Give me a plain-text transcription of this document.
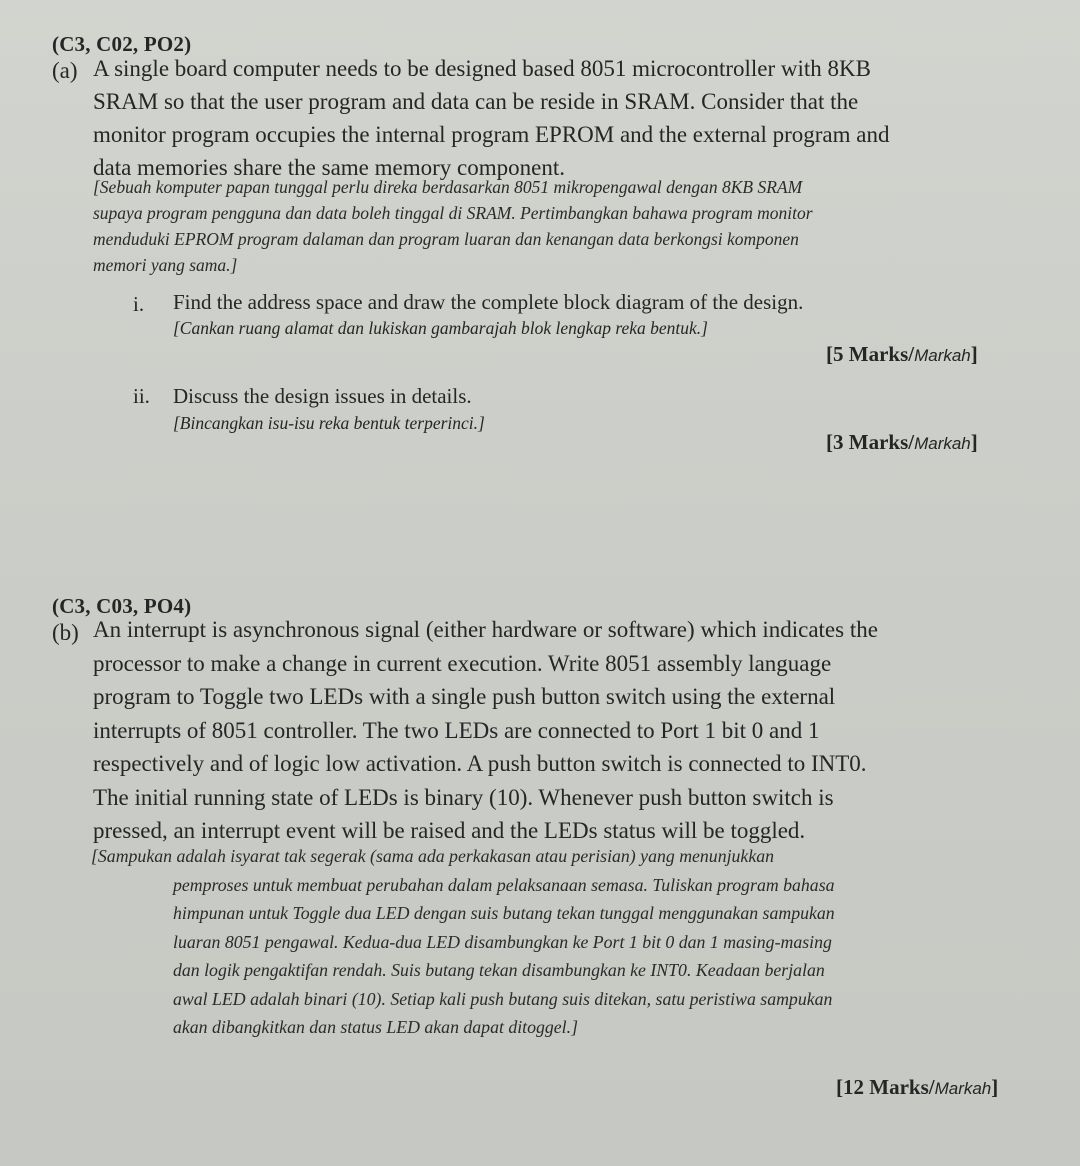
(C3, C02, PO2)
(a) A single board computer needs to be designed based 8051 microcontroller with 8KB

SRAM so that the user program and data can be reside in SRAM. Consider that the

monitor program occupies the internal program EPROM and the external program and

data memories share the same memory component.

[Sebuah komputer papan tunggal perlu direka berdasarkan 8051 mikropengawal dengan 8KB SRAM

supaya program pengguna dan data boleh tinggal di SRAM. Pertimbangkan bahawa program monitor

menduduki EPROM program dalaman dan program luaran dan kenangan data berkongsi komponen

memori yang sama.]

i. Find the address space and draw the complete block diagram of the design.
[Cankan ruang alamat dan lukiskan gambarajah blok lengkap reka bentuk.]
[5 Marks/Markah]
ii. Discuss the design issues in details.
[Bincangkan isu-isu reka bentuk terperinci.]
[3 Marks/Markah]
(C3, C03, PO4)
(b) An interrupt is asynchronous signal (either hardware or software) which indicates the

processor to make a change in current execution. Write 8051 assembly language

program to Toggle two LEDs with a single push button switch using the external

interrupts of 8051 controller. The two LEDs are connected to Port 1 bit 0 and 1

respectively and of logic low activation. A push button switch is connected to INT0.

The initial running state of LEDs is binary (10). Whenever push button switch is

pressed, an interrupt event will be raised and the LEDs status will be toggled.

[Sampukan adalah isyarat tak segerak (sama ada perkakasan atau perisian) yang menunjukkan

pemproses untuk membuat perubahan dalam pelaksanaan semasa. Tuliskan program bahasa

himpunan untuk Toggle dua LED dengan suis butang tekan tunggal menggunakan sampukan

luaran 8051 pengawal. Kedua-dua LED disambungkan ke Port 1 bit 0 dan 1 masing-masing

dan logik pengaktifan rendah. Suis butang tekan disambungkan ke INT0. Keadaan berjalan

awal LED adalah binari (10). Setiap kali push butang suis ditekan, satu peristiwa sampukan

akan dibangkitkan dan status LED akan dapat ditoggel.]

[12 Marks/Markah]
